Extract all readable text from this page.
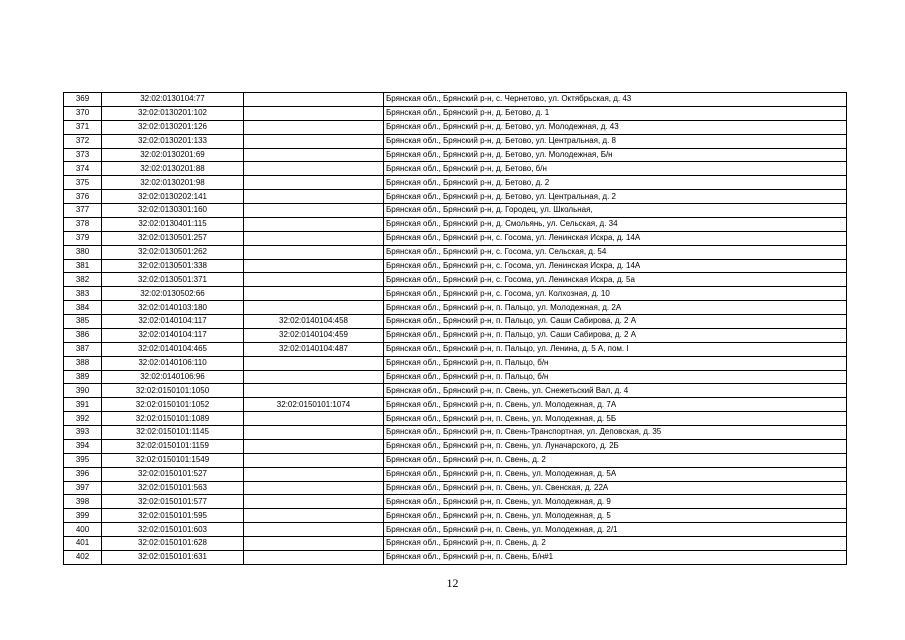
369	32:02:0130104:77		Брянская обл., Брянский р-н, с. Чернетово, ул. Октябрьская, д. 43
370	32:02:0130201:102		Брянская обл., Брянский р-н, д. Бетово, д. 1
371	32:02:0130201:126		Брянская обл., Брянский р-н, д. Бетово, ул. Молодежная, д. 43
372	32:02:0130201:133		Брянская обл., Брянский р-н, д. Бетово, ул. Центральная, д. 8
373	32:02:0130201:69		Брянская обл., Брянский р-н, д. Бетово, ул. Молодежная, Б/н
374	32:02:0130201:88		Брянская обл., Брянский р-н, д. Бетово, б/н
375	32:02:0130201:98		Брянская обл., Брянский р-н, д. Бетово, д. 2
376	32:02:0130202:141		Брянская обл., Брянский р-н, д. Бетово, ул. Центральная, д. 2
377	32:02:0130301:160		Брянская обл., Брянский р-н, д. Городец, ул. Школьная,
378	32:02:0130401:115		Брянская обл., Брянский р-н, д. Смольянь, ул. Сельская, д. 34
379	32:02:0130501:257		Брянская обл., Брянский р-н, с. Госома, ул. Ленинская Искра, д. 14А
380	32:02:0130501:262		Брянская обл., Брянский р-н, с. Госома, ул. Сельская, д. 54
381	32:02:0130501:338		Брянская обл., Брянский р-н, с. Госома, ул. Ленинская Искра, д. 14А
382	32:02:0130501:371		Брянская обл., Брянский р-н, с. Госома, ул. Ленинская Искра, д. 5а
383	32:02:0130502:66		Брянская обл., Брянский р-н, с. Госома, ул. Колхозная, д. 10
384	32:02:0140103:180		Брянская обл., Брянский р-н, п. Пальцо, ул. Молодежная, д. 2А
385	32:02:0140104:117	32:02:0140104:458	Брянская обл., Брянский р-н, п. Пальцо, ул. Саши Сабирова, д. 2 А
386	32:02:0140104:117	32:02:0140104:459	Брянская обл., Брянский р-н, п. Пальцо, ул. Саши Сабирова, д. 2 А
387	32:02:0140104:465	32:02:0140104:487	Брянская обл., Брянский р-н, п. Пальцо, ул. Ленина, д. 5 А, пом. I
388	32:02:0140106:110		Брянская обл., Брянский р-н, п. Пальцо, б/н
389	32:02:0140106:96		Брянская обл., Брянский р-н, п. Пальцо, б/н
390	32:02:0150101:1050		Брянская обл., Брянский р-н, п. Свень, ул. Снежетьский Вал, д. 4
391	32:02:0150101:1052	32:02:0150101:1074	Брянская обл., Брянский р-н, п. Свень, ул. Молодежная, д. 7А
392	32:02:0150101:1089		Брянская обл., Брянский р-н, п. Свень, ул. Молодежная, д. 5Б
393	32:02:0150101:1145		Брянская обл., Брянский р-н, п. Свень-Транспортная, ул. Деповская, д. 35
394	32:02:0150101:1159		Брянская обл., Брянский р-н, п. Свень, ул. Луначарского, д. 2Б
395	32:02:0150101:1549		Брянская обл., Брянский р-н, п. Свень, д. 2
396	32:02:0150101:527		Брянская обл., Брянский р-н, п. Свень, ул. Молодежная, д. 5А
397	32:02:0150101:563		Брянская обл., Брянский р-н, п. Свень, ул. Свенская, д. 22А
398	32:02:0150101:577		Брянская обл., Брянский р-н, п. Свень, ул. Молодежная, д. 9
399	32:02:0150101:595		Брянская обл., Брянский р-н, п. Свень, ул. Молодежная, д. 5
400	32:02:0150101:603		Брянская обл., Брянский р-н, п. Свень, ул. Молодежная, д. 2/1
401	32:02:0150101:628		Брянская обл., Брянский р-н, п. Свень, д. 2
402	32:02:0150101:631		Брянская обл., Брянский р-н, п. Свень, Б/н#1
12
